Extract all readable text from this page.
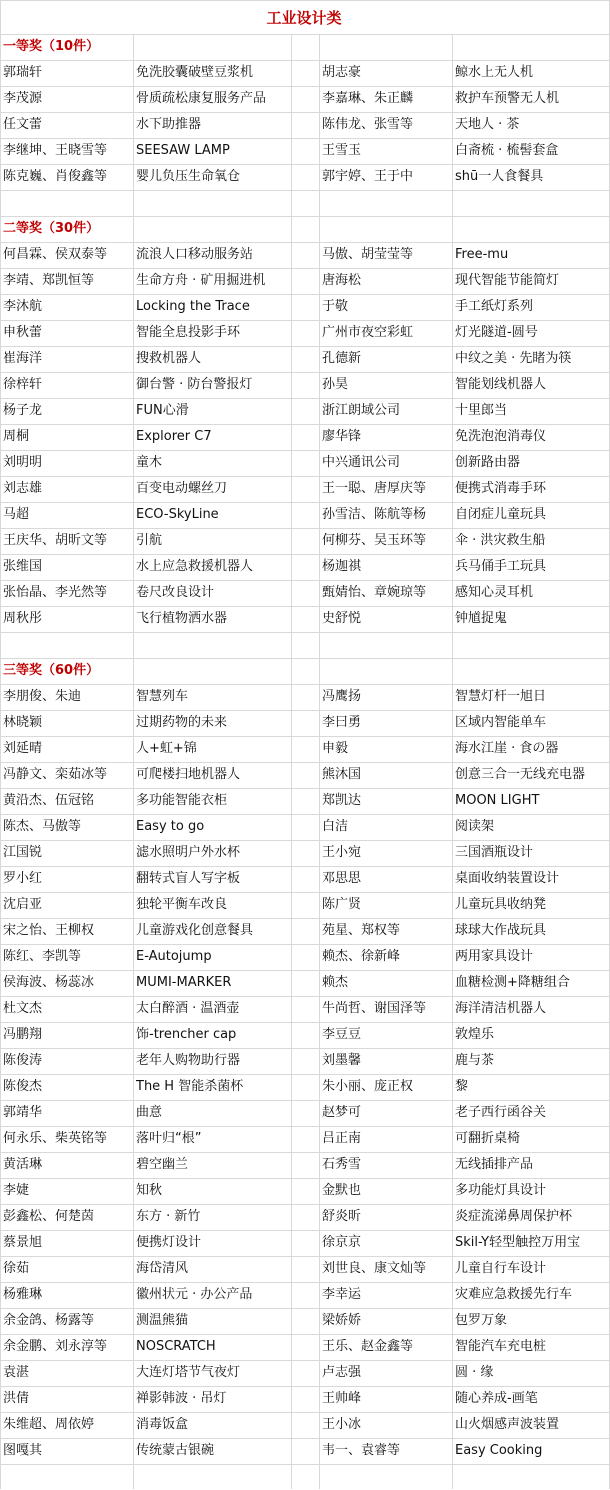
工业设计类
一等奖（10件）
郭瑞轩	免洗胶囊破壁豆浆机	胡志豪	鲸水上无人机
李茂源	骨质疏松康复服务产品	李嘉琳、朱正麟	救护车预警无人机
任文蕾	水下助推器	陈伟龙、张雪等	天地人 · 茶
李继坤、王晓雪等	SEESAW LAMP	王雪玉	白斋梳 · 梳髻套盒
陈克巍、肖俊鑫等	婴儿负压生命氧仓	郭宇婷、王于中	shū一人食餐具
二等奖（30件）
何昌霖、侯双泰等	流浪人口移动服务站	马傲、胡莹莹等	Free-mu
李靖、郑凯恒等	生命方舟 · 矿用掘进机	唐海松	现代智能节能简灯
李沐航	Locking the Trace	于敬	手工纸灯系列
申秋蕾	智能全息投影手环	广州市夜空彩虹	灯光隧道-圆号
崔海洋	搜救机器人	孔德新	中纹之美 · 先睹为筷
徐梓轩	御台警 · 防台警报灯	孙昊	智能划线机器人
杨子龙	FUN心滑	浙江朗域公司	十里郎当
周桐	Explorer C7	廖华锋	免洗泡泡消毒仪
刘明明	童木	中兴通讯公司	创新路由器
刘志雄	百变电动螺丝刀	王一聪、唐厚庆等	便携式消毒手环
马超	ECO-SkyLine	孙雪洁、陈航等杨	自闭症儿童玩具
王庆华、胡昕文等	引航	何柳芬、吴玉环等	伞 · 洪灾救生船
张维国	水上应急救援机器人	杨迦祺	兵马俑手工玩具
张怡晶、李光然等	卷尺改良设计	甄婧怡、章婉琼等	感知心灵耳机
周秋彤	飞行植物洒水器	史舒悦	钟馗捉鬼
三等奖（60件）
李朋俊、朱迪	智慧列车	冯鹰扬	智慧灯杆一旭日
林晓颖	过期药物的未来	李曰勇	区域内智能单车
刘延晴	人+虹+锦	申毅	海水江崖 · 食の器
冯静文、栾茹冰等	可爬楼扫地机器人	熊沐国	创意三合一无线充电器
黄沿杰、伍冠铭	多功能智能衣柜	郑凯达	MOON LIGHT
陈杰、马傲等	Easy to go	白洁	阅读架
江国锐	滤水照明户外水杯	王小宛	三国酒瓶设计
罗小红	翻转式盲人写字板	邓思思	桌面收纳装置设计
沈启亚	独轮平衡车改良	陈广贤	儿童玩具收纳凳
宋之怡、王柳权	儿童游戏化创意餐具	苑星、郑权等	球球大作战玩具
陈红、李凯等	E-Autojump	赖杰、徐新峰	两用家具设计
侯海波、杨蕊冰	MUMI-MARKER	赖杰	血糖检测+降糖组合
杜文杰	太白醉酒 · 温酒壶	牛尚哲、谢国泽等	海洋清洁机器人
冯鹏翔	饰-trencher cap	李豆豆	敦煌乐
陈俊涛	老年人购物助行器	刘墨馨	鹿与茶
陈俊杰	The H 智能杀菌杯	朱小丽、庞正权	黎
郭靖华	曲意	赵梦可	老子西行函谷关
何永乐、柴英铭等	落叶归“根”	吕正南	可翻折桌椅
黄活琳	碧空幽兰	石秀雪	无线插排产品
李婕	知秋	金默也	多功能灯具设计
彭鑫松、何楚茵	东方 · 新竹	舒炎昕	炎症流涕鼻周保护杯
蔡景旭	便携灯设计	徐京京	Skil-Y轻型触控万用宝
徐茹	海岱清风	刘世良、康文灿等	儿童自行车设计
杨雅琳	徽州状元 · 办公产品	李幸运	灾难应急救援先行车
余金鸽、杨露等	测温熊猫	梁娇娇	包罗万象
余金鹏、刘永淳等	NOSCRATCH	王乐、赵金鑫等	智能汽车充电桩
袁湛	大连灯塔节气夜灯	卢志强	圆 · 缘
洪倩	禅影韩波 · 吊灯	王帅峰	随心养成-画笔
朱维超、周依婷	消毒饭盒	王小冰	山火烟感声波装置
图嘎其	传统蒙古银碗	韦一、袁睿等	Easy Cooking
